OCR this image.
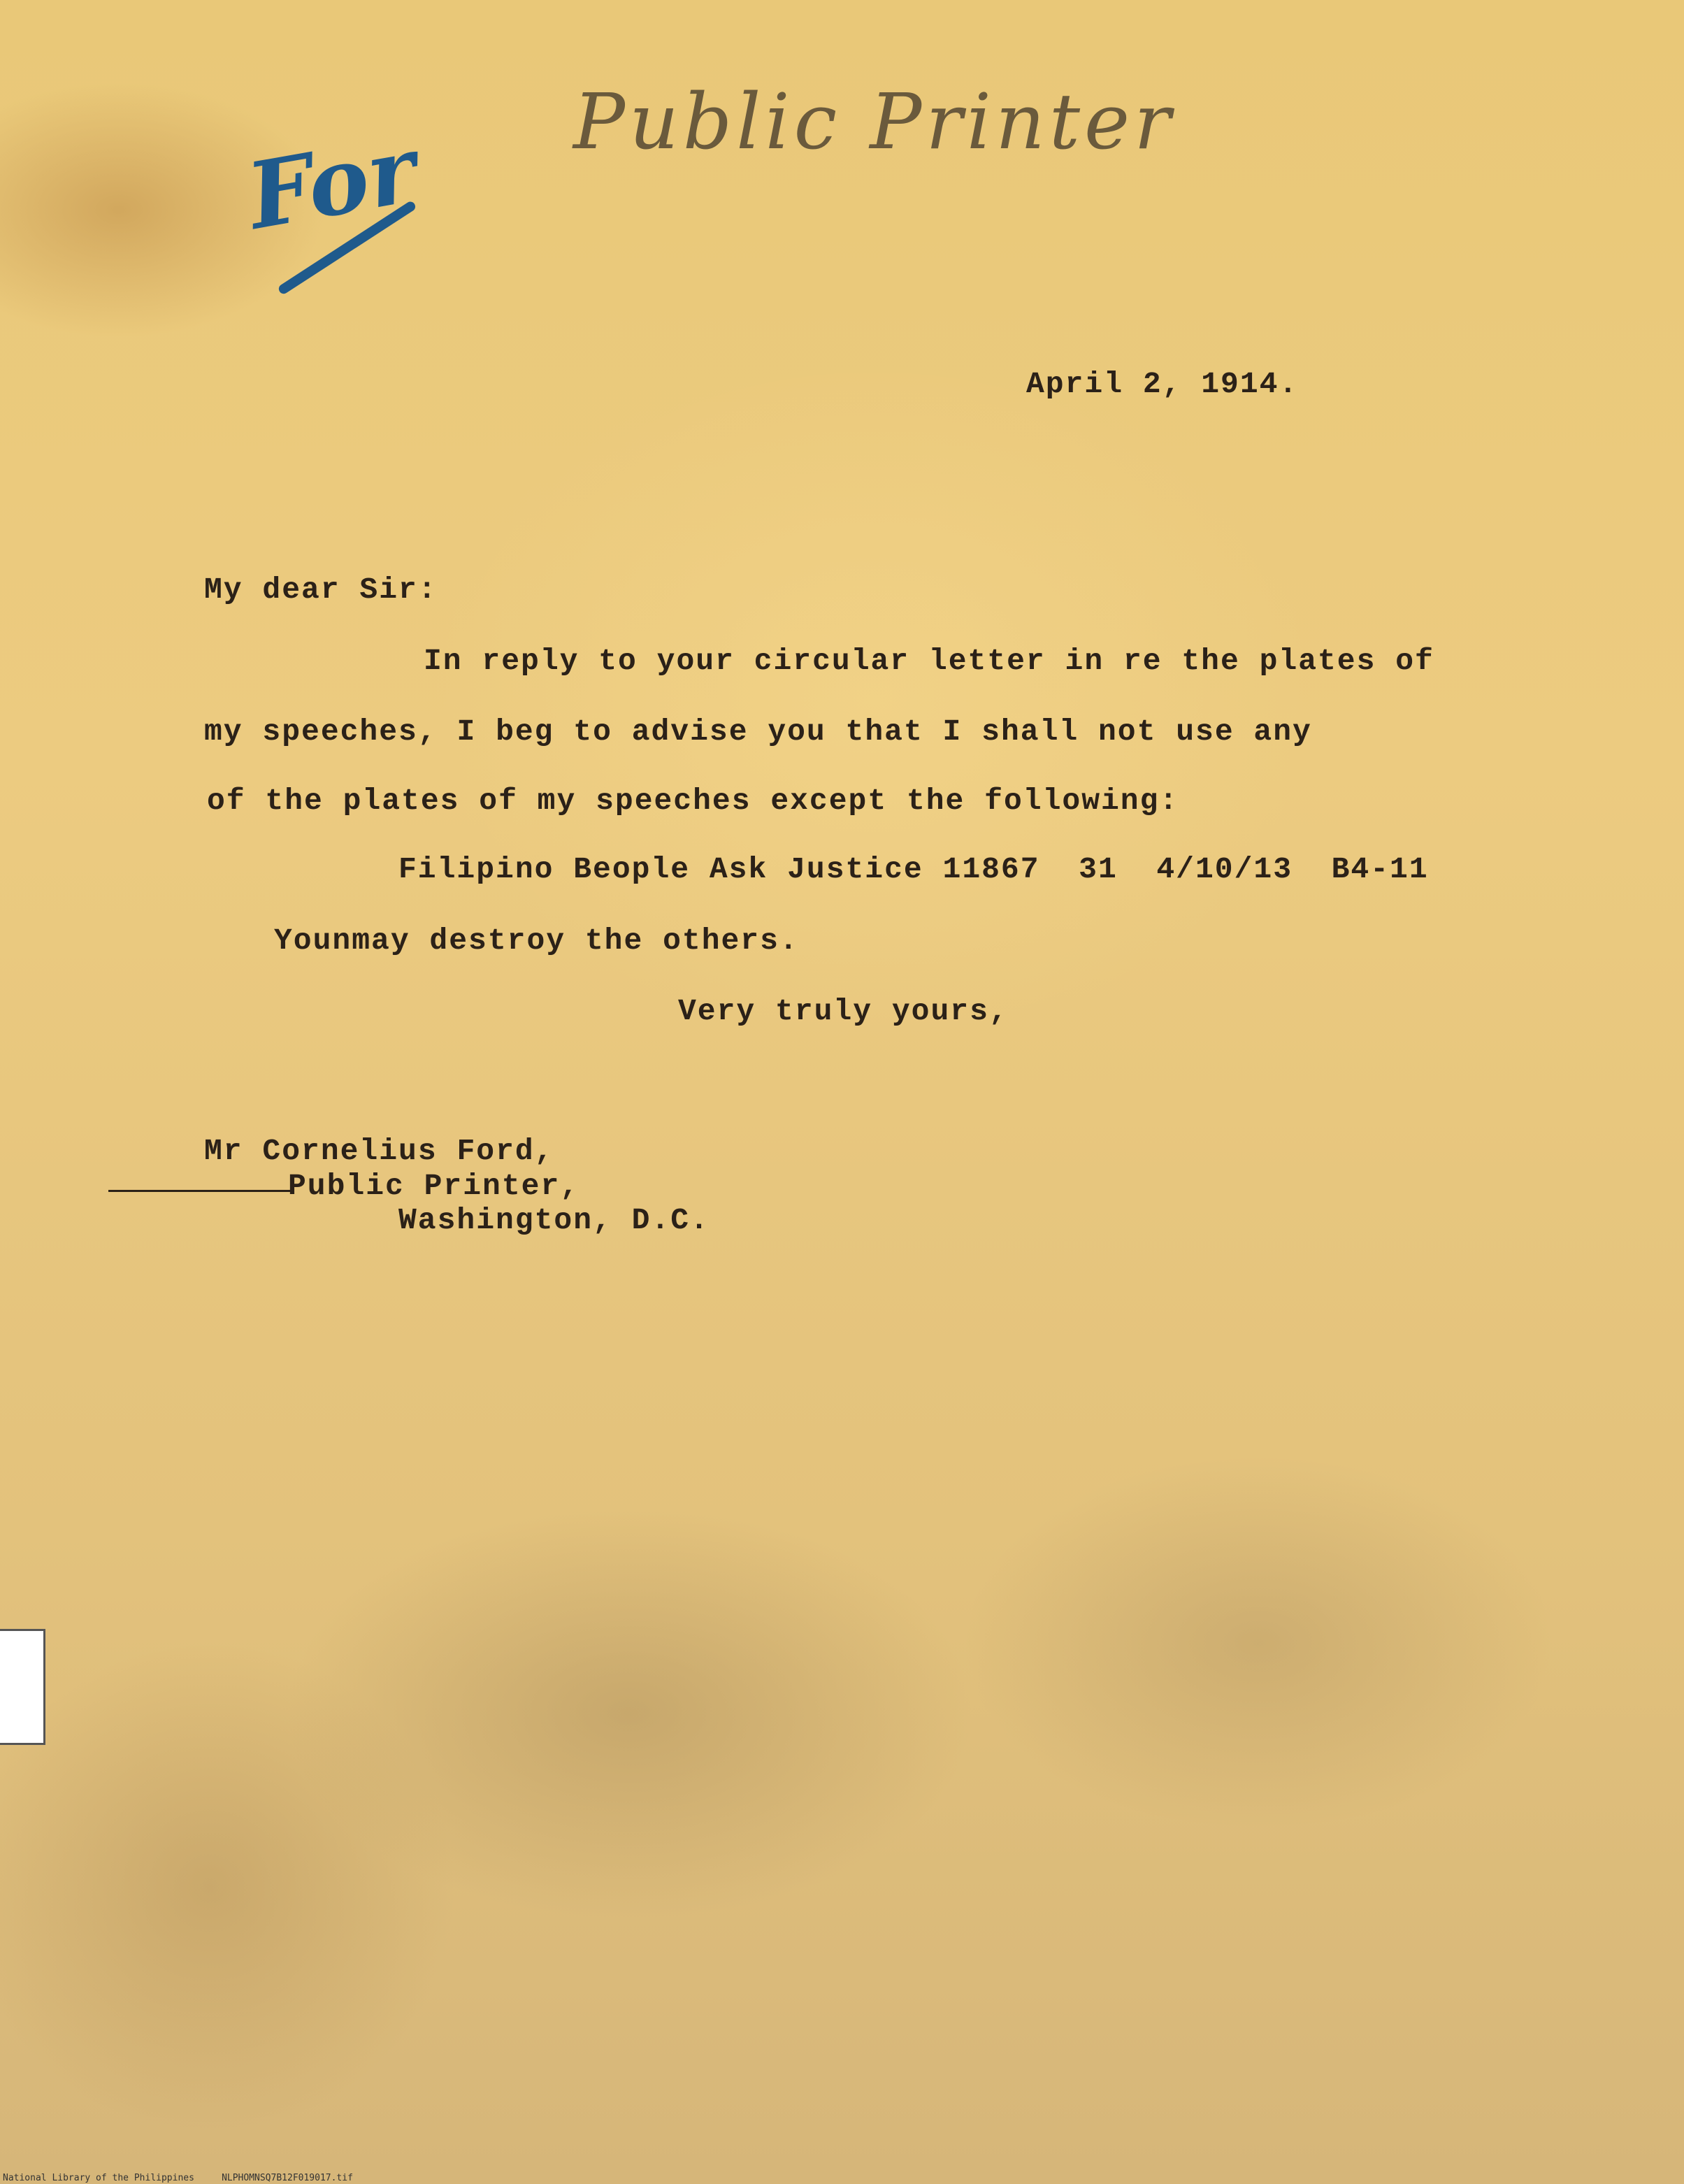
Public Printer
For
April 2, 1914.
My dear Sir:
In reply to your circular letter in re the plates of
my speeches, I beg to advise you that I shall not use any
of the plates of my speeches except the following:
Filipino Beople Ask Justice 11867  31  4/10/13  B4-11
Younmay destroy the others.
Very truly yours,
Mr Cornelius Ford,
Public Printer,
Washington, D.C.
National Library of the Philippines     NLPHOMNSQ7B12F019017.tif
